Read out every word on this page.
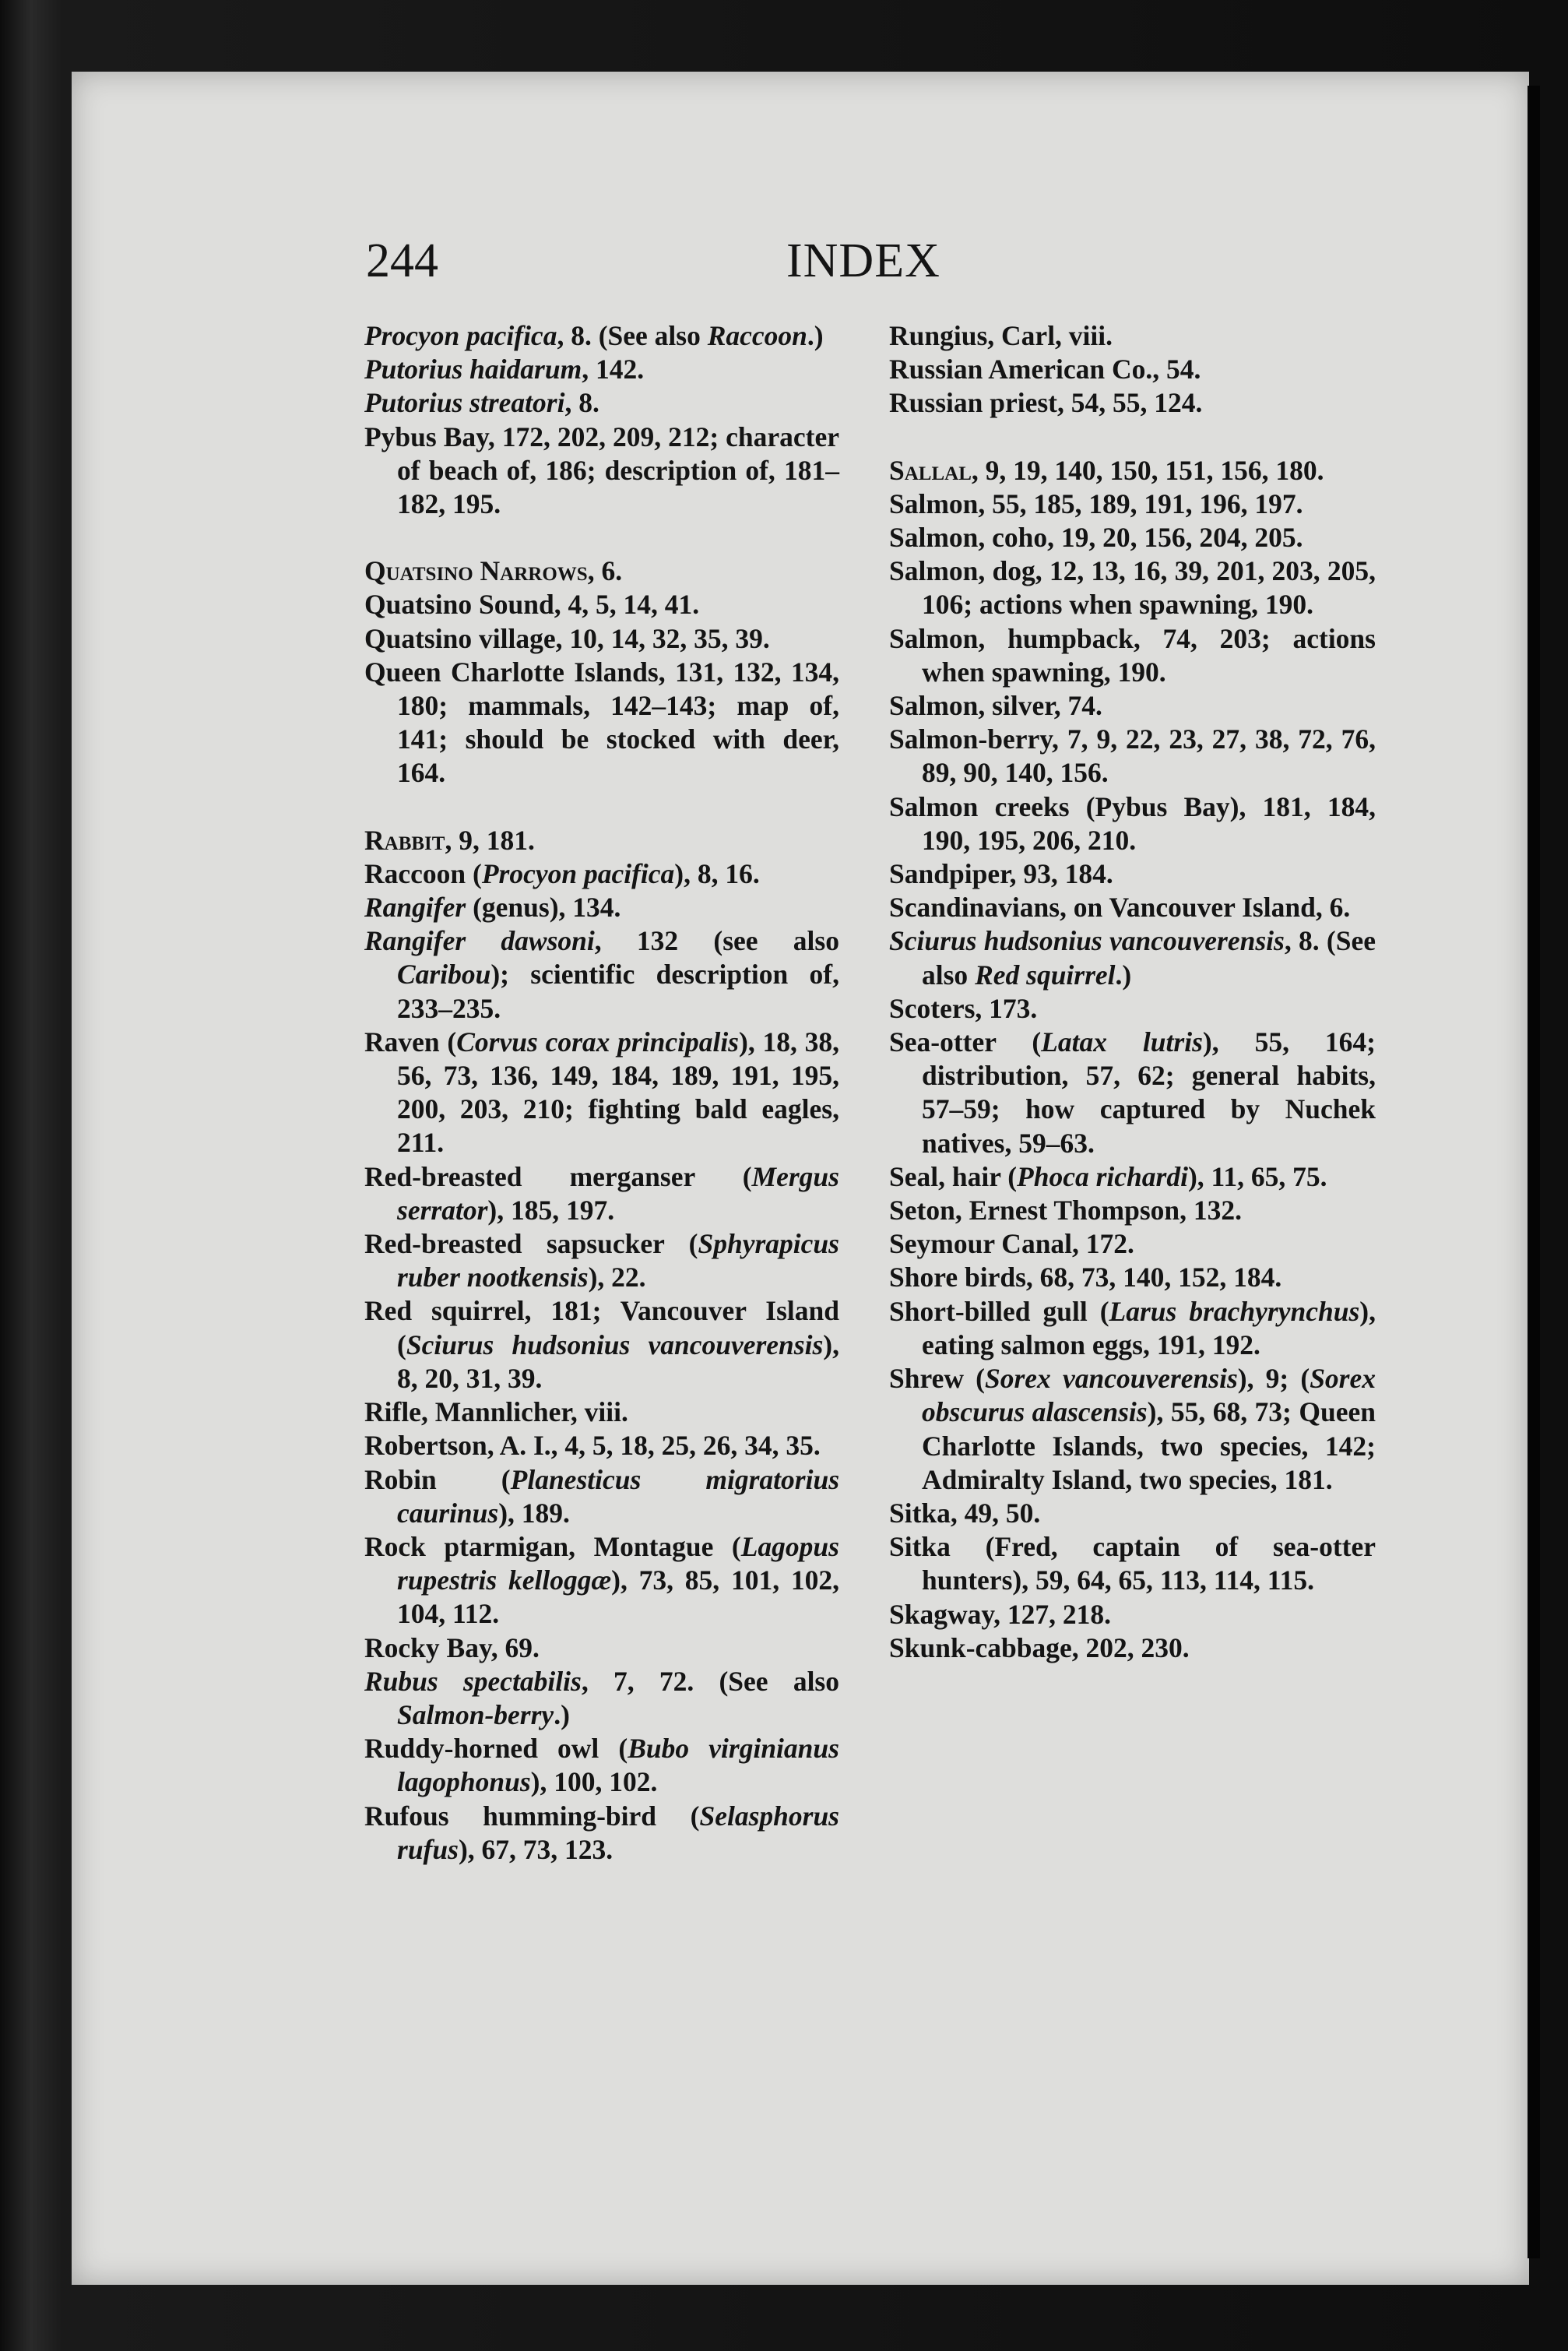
244	INDEX
Procyon pacifica, 8. (See also Raccoon.)
Putorius haidarum, 142.
Putorius streatori, 8.
Pybus Bay, 172, 202, 209, 212; character of beach of, 186; description of, 181–182, 195.
Quatsino Narrows, 6.
Quatsino Sound, 4, 5, 14, 41.
Quatsino village, 10, 14, 32, 35, 39.
Queen Charlotte Islands, 131, 132, 134, 180; mammals, 142–143; map of, 141; should be stocked with deer, 164.
Rabbit, 9, 181.
Raccoon (Procyon pacifica), 8, 16.
Rangifer (genus), 134.
Rangifer dawsoni, 132 (see also Caribou); scientific description of, 233–235.
Raven (Corvus corax principalis), 18, 38, 56, 73, 136, 149, 184, 189, 191, 195, 200, 203, 210; fighting bald eagles, 211.
Red-breasted merganser (Mergus serrator), 185, 197.
Red-breasted sapsucker (Sphyrapicus ruber nootkensis), 22.
Red squirrel, 181; Vancouver Island (Sciurus hudsonius vancouverensis), 8, 20, 31, 39.
Rifle, Mannlicher, viii.
Robertson, A. I., 4, 5, 18, 25, 26, 34, 35.
Robin (Planesticus migratorius caurinus), 189.
Rock ptarmigan, Montague (Lagopus rupestris kelloggæ), 73, 85, 101, 102, 104, 112.
Rocky Bay, 69.
Rubus spectabilis, 7, 72. (See also Salmon-berry.)
Ruddy-horned owl (Bubo virginianus lagophonus), 100, 102.
Rufous humming-bird (Selasphorus rufus), 67, 73, 123.
Rungius, Carl, viii.
Russian American Co., 54.
Russian priest, 54, 55, 124.
Sallal, 9, 19, 140, 150, 151, 156, 180.
Salmon, 55, 185, 189, 191, 196, 197.
Salmon, coho, 19, 20, 156, 204, 205.
Salmon, dog, 12, 13, 16, 39, 201, 203, 205, 106; actions when spawning, 190.
Salmon, humpback, 74, 203; actions when spawning, 190.
Salmon, silver, 74.
Salmon-berry, 7, 9, 22, 23, 27, 38, 72, 76, 89, 90, 140, 156.
Salmon creeks (Pybus Bay), 181, 184, 190, 195, 206, 210.
Sandpiper, 93, 184.
Scandinavians, on Vancouver Island, 6.
Sciurus hudsonius vancouverensis, 8. (See also Red squirrel.)
Scoters, 173.
Sea-otter (Latax lutris), 55, 164; distribution, 57, 62; general habits, 57–59; how captured by Nuchek natives, 59–63.
Seal, hair (Phoca richardi), 11, 65, 75.
Seton, Ernest Thompson, 132.
Seymour Canal, 172.
Shore birds, 68, 73, 140, 152, 184.
Short-billed gull (Larus brachyrynchus), eating salmon eggs, 191, 192.
Shrew (Sorex vancouverensis), 9; (Sorex obscurus alascensis), 55, 68, 73; Queen Charlotte Islands, two species, 142; Admiralty Island, two species, 181.
Sitka, 49, 50.
Sitka (Fred, captain of sea-otter hunters), 59, 64, 65, 113, 114, 115.
Skagway, 127, 218.
Skunk-cabbage, 202, 230.
